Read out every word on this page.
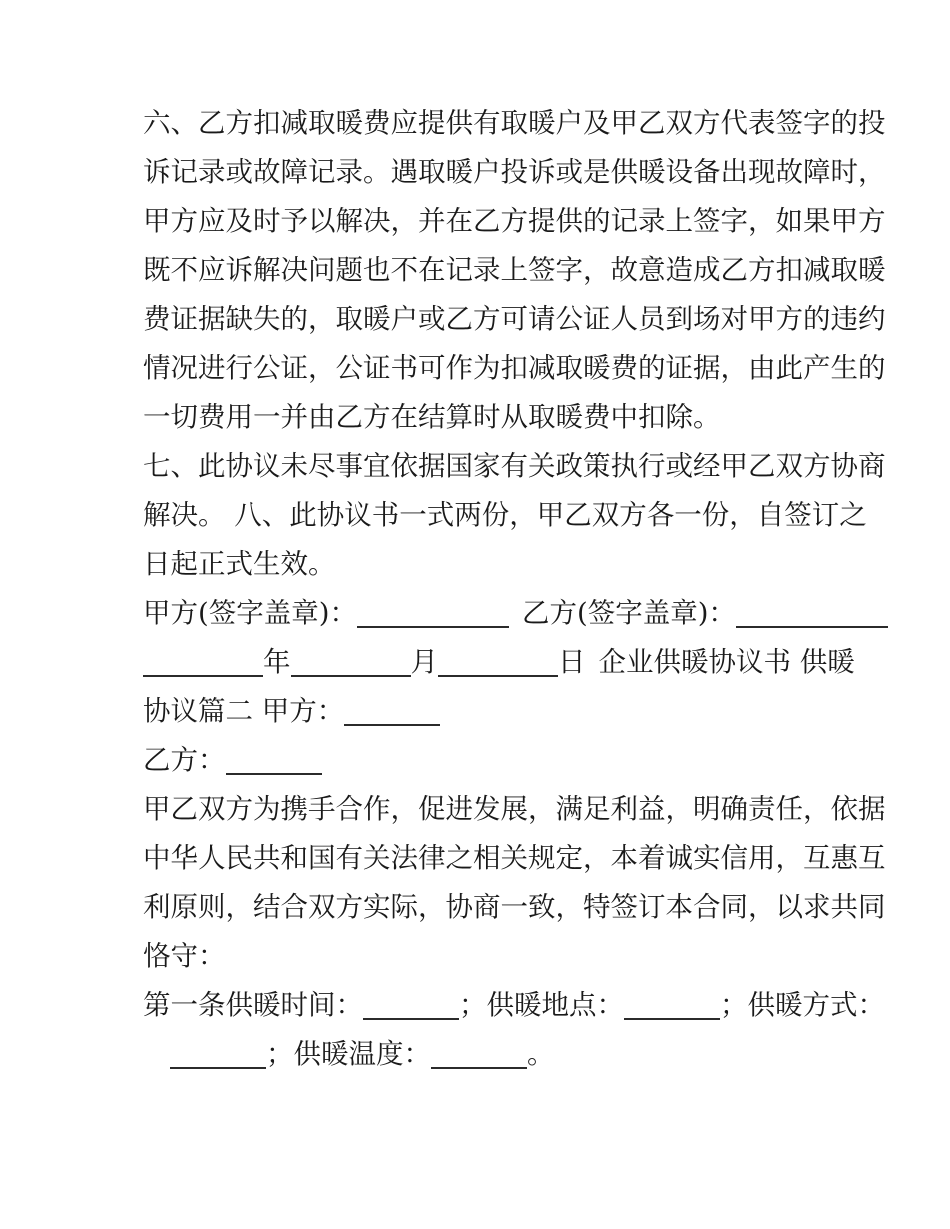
六、乙方扣减取暖费应提供有取暖户及甲乙双方代表签字的投
诉记录或故障记录。遇取暖户投诉或是供暖设备出现故障时，
甲方应及时予以解决，并在乙方提供的记录上签字，如果甲方
既不应诉解决问题也不在记录上签字，故意造成乙方扣减取暖
费证据缺失的，取暖户或乙方可请公证人员到场对甲方的违约
情况进行公证，公证书可作为扣减取暖费的证据，由此产生的
一切费用一并由乙方在结算时从取暖费中扣除。
七、此协议未尽事宜依据国家有关政策执行或经甲乙双方协商
解决。 八、此协议书一式两份，甲乙双方各一份，自签订之
日起正式生效。
甲方(签字盖章)：	乙方(签字盖章)：
年	月	日 企业供暖协议书 供暖
协议篇二 甲方：
乙方：
甲乙双方为携手合作，促进发展，满足利益，明确责任，依据
中华人民共和国有关法律之相关规定，本着诚实信用，互惠互
利原则，结合双方实际，协商一致，特签订本合同，以求共同
恪守：
第一条供暖时间：	；供暖地点：	；供暖方式：
；供暖温度：	。
